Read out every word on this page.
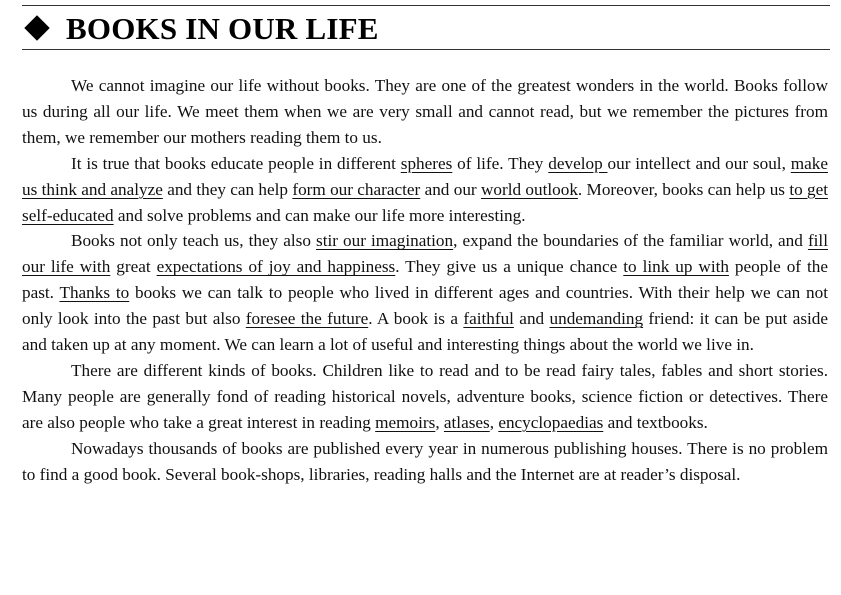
BOOKS IN OUR LIFE

We cannot imagine our life without books. They are one of the greatest wonders in the world. Books follow us during all our life. We meet them when we are very small and cannot read, but we remember the pictures from them, we remember our mothers reading them to us.

It is true that books educate people in different spheres of life. They develop our intellect and our soul, make us think and analyze and they can help form our character and our world outlook. Moreover, books can help us to get self-educated and solve problems and can make our life more interesting.

Books not only teach us, they also stir our imagination, expand the boundaries of the familiar world, and fill our life with great expectations of joy and happiness. They give us a unique chance to link up with people of the past. Thanks to books we can talk to people who lived in different ages and countries. With their help we can not only look into the past but also foresee the future. A book is a faithful and undemanding friend: it can be put aside and taken up at any moment. We can learn a lot of useful and interesting things about the world we live in.

There are different kinds of books. Children like to read and to be read fairy tales, fables and short stories. Many people are generally fond of reading historical novels, adventure books, science fiction or detectives. There are also people who take a great interest in reading memoirs, atlases, encyclopaedias and textbooks.

Nowadays thousands of books are published every year in numerous publishing houses. There is no problem to find a good book. Several book-shops, libraries, reading halls and the Internet are at reader’s disposal.
